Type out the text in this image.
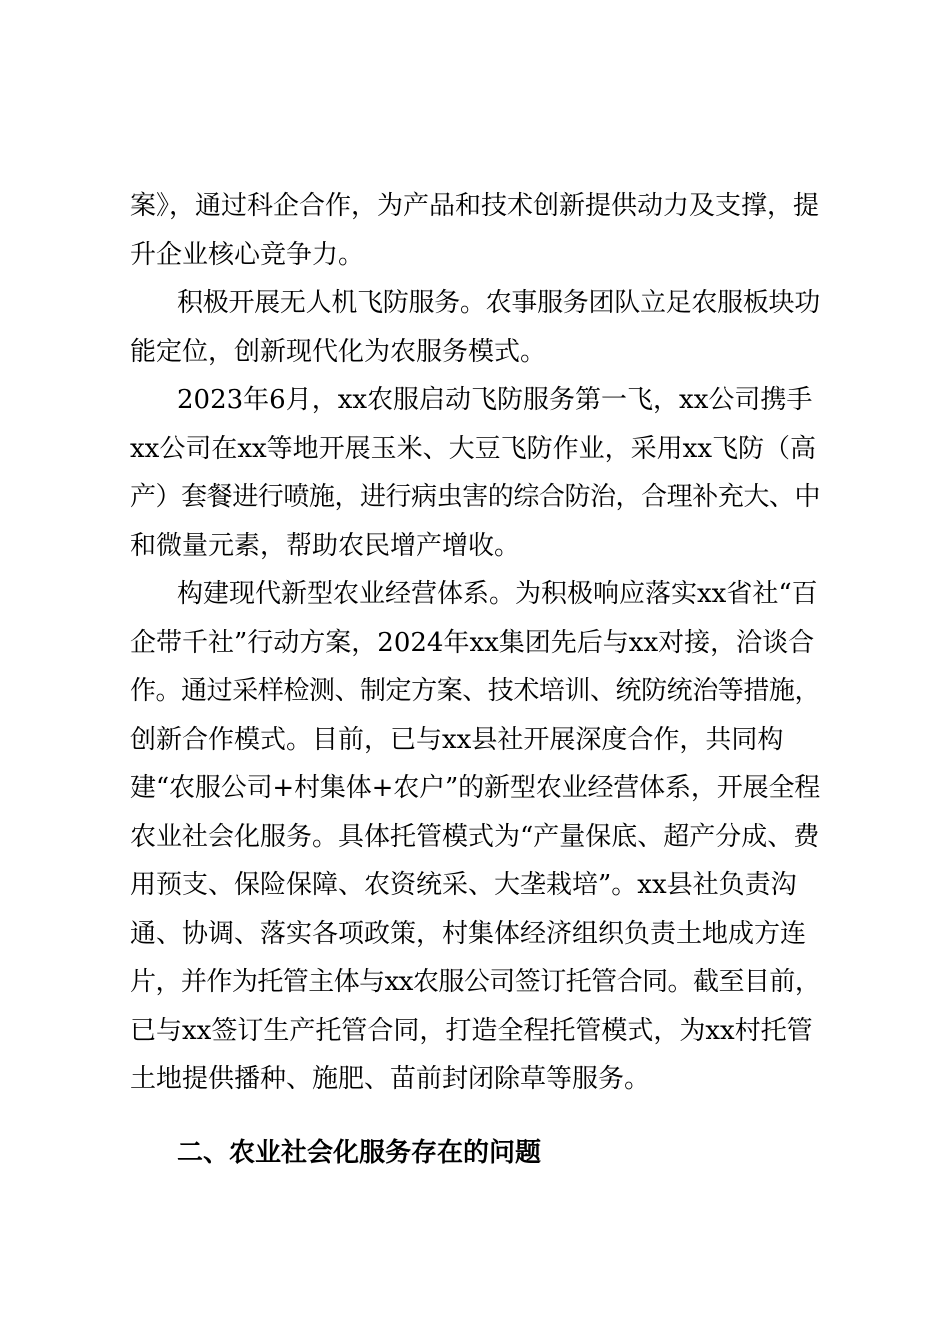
案》，通过科企合作，为产品和技术创新提供动力及支撑，提
升企业核心竞争力。
积极开展无人机飞防服务。农事服务团队立足农服板块功
能定位，创新现代化为农服务模式。
2023年6月，xx农服启动飞防服务第一飞，xx公司携手
xx公司在xx等地开展玉米、大豆飞防作业，采用xx飞防（高
产）套餐进行喷施，进行病虫害的综合防治，合理补充大、中
和微量元素，帮助农民增产增收。
构建现代新型农业经营体系。为积极响应落实xx省社“百
企带千社”行动方案，2024年xx集团先后与xx对接，洽谈合
作。通过采样检测、制定方案、技术培训、统防统治等措施，
创新合作模式。目前，已与xx县社开展深度合作，共同构
建“农服公司+村集体+农户”的新型农业经营体系，开展全程
农业社会化服务。具体托管模式为“产量保底、超产分成、费
用预支、保险保障、农资统采、大垄栽培”。xx县社负责沟
通、协调、落实各项政策，村集体经济组织负责土地成方连
片，并作为托管主体与xx农服公司签订托管合同。截至目前，
已与xx签订生产托管合同，打造全程托管模式，为xx村托管
土地提供播种、施肥、苗前封闭除草等服务。
二、农业社会化服务存在的问题
